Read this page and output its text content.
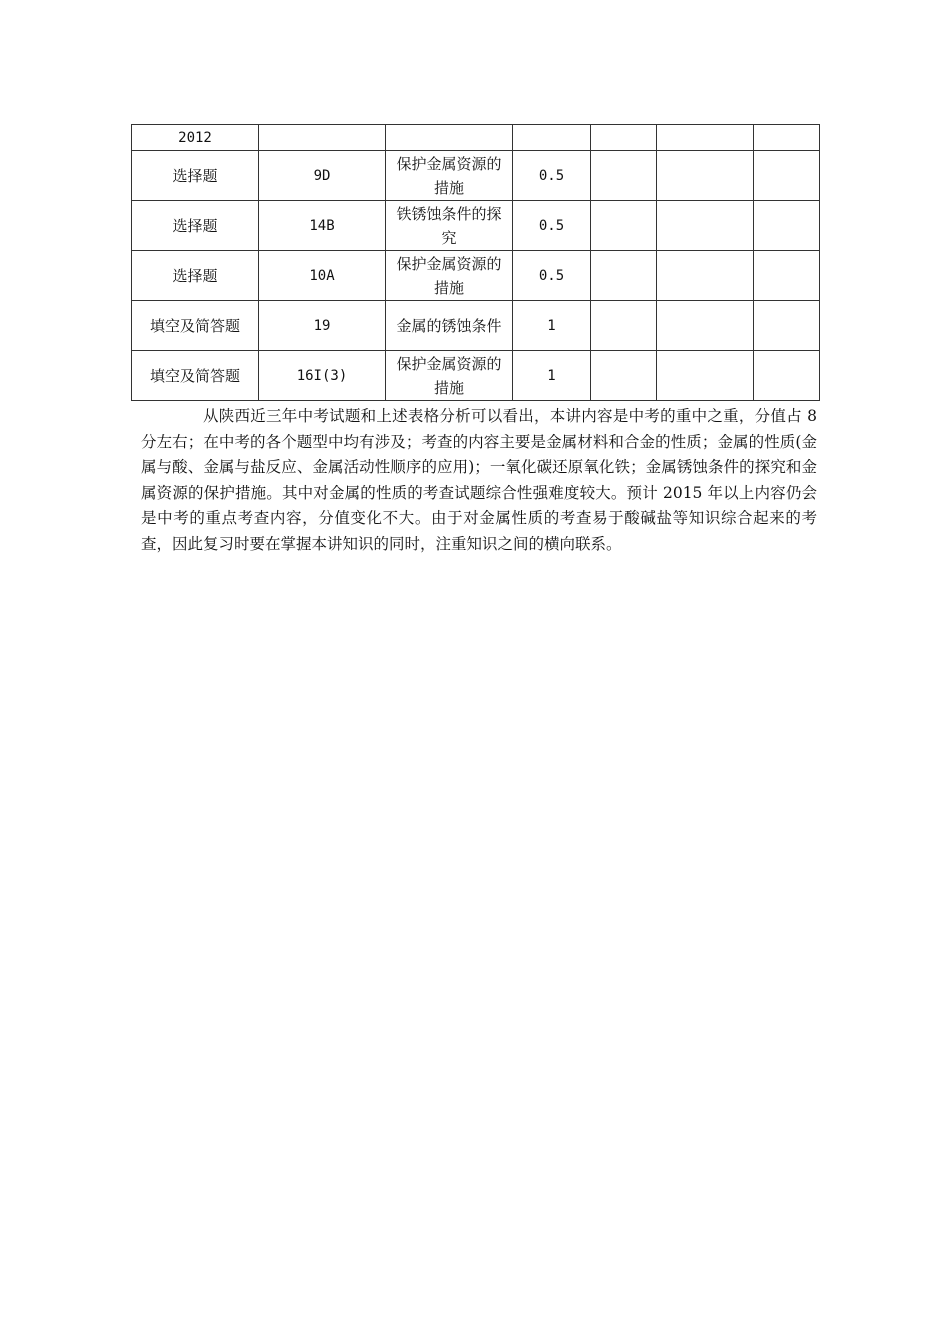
2012						
选择题	9D	保护金属资源的措施	0.5			
选择题	14B	铁锈蚀条件的探究	0.5			
选择题	10A	保护金属资源的措施	0.5			
填空及简答题	19	金属的锈蚀条件	1			
填空及简答题	16I(3)	保护金属资源的措施	1			

从陕西近三年中考试题和上述表格分析可以看出，本讲内容是中考的重中之重，分值占 8 分左右；在中考的各个题型中均有涉及；考查的内容主要是金属材料和合金的性质；金属的性质(金属与酸、金属与盐反应、金属活动性顺序的应用)；一氧化碳还原氧化铁；金属锈蚀条件的探究和金属资源的保护措施。其中对金属的性质的考查试题综合性强难度较大。预计 2015 年以上内容仍会是中考的重点考查内容，分值变化不大。由于对金属性质的考查易于酸碱盐等知识综合起来的考查，因此复习时要在掌握本讲知识的同时，注重知识之间的横向联系。
